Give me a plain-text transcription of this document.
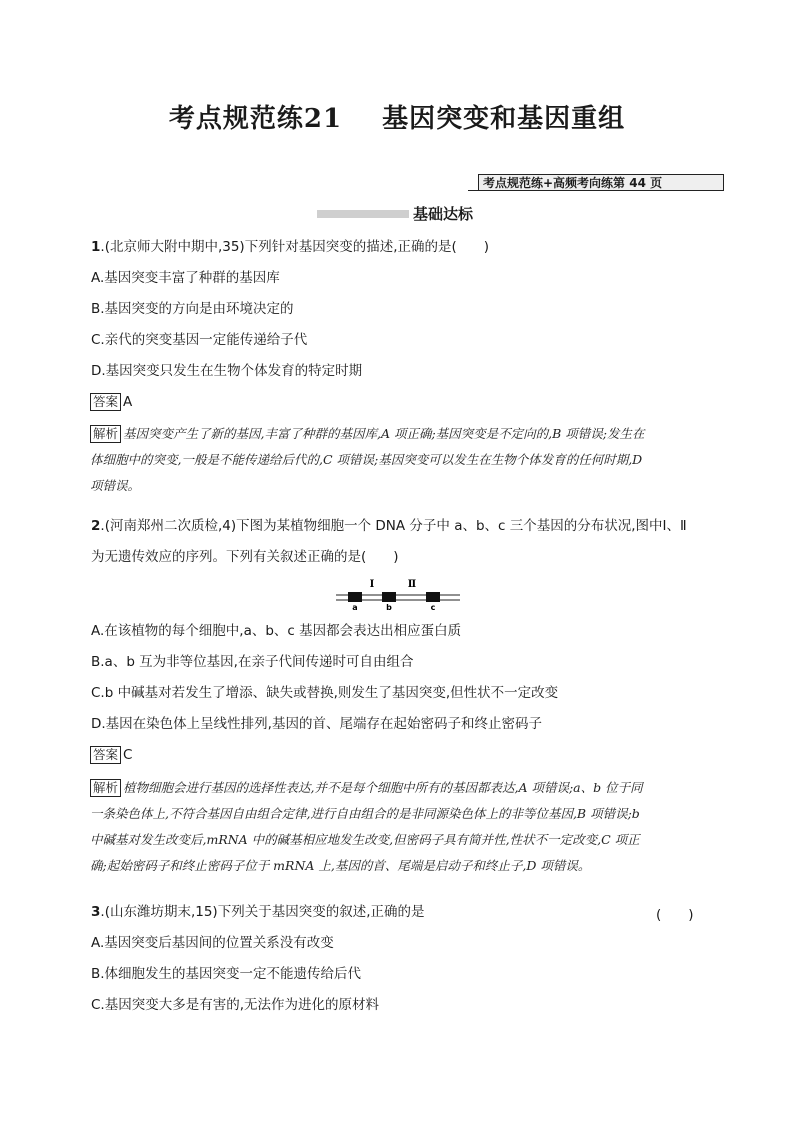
考点规范练21 基因突变和基因重组
考点规范练+高频考向练第 44 页
基础达标
1.(北京师大附中期中,35)下列针对基因突变的描述,正确的是(　　)
A.基因突变丰富了种群的基因库
B.基因突变的方向是由环境决定的
C.亲代的突变基因一定能传递给子代
D.基因突变只发生在生物个体发育的特定时期
答案 A
解析 基因突变产生了新的基因,丰富了种群的基因库,A 项正确;基因突变是不定向的,B 项错误;发生在
体细胞中的突变,一般是不能传递给后代的,C 项错误;基因突变可以发生在生物个体发育的任何时期,D
项错误。
2.(河南郑州二次质检,4)下图为某植物细胞一个 DNA 分子中 a、b、c 三个基因的分布状况,图中Ⅰ、Ⅱ
为无遗传效应的序列。下列有关叙述正确的是(　　)
Ⅰ	Ⅱ
a	b	c
A.在该植物的每个细胞中,a、b、c 基因都会表达出相应蛋白质
B.a、b 互为非等位基因,在亲子代间传递时可自由组合
C.b 中碱基对若发生了增添、缺失或替换,则发生了基因突变,但性状不一定改变
D.基因在染色体上呈线性排列,基因的首、尾端存在起始密码子和终止密码子
答案 C
解析 植物细胞会进行基因的选择性表达,并不是每个细胞中所有的基因都表达,A 项错误;a、b 位于同
一条染色体上,不符合基因自由组合定律,进行自由组合的是非同源染色体上的非等位基因,B 项错误;b
中碱基对发生改变后,mRNA 中的碱基相应地发生改变,但密码子具有简并性,性状不一定改变,C 项正
确;起始密码子和终止密码子位于 mRNA 上,基因的首、尾端是启动子和终止子,D 项错误。
3.(山东潍坊期末,15)下列关于基因突变的叙述,正确的是	(　　)
A.基因突变后基因间的位置关系没有改变
B.体细胞发生的基因突变一定不能遗传给后代
C.基因突变大多是有害的,无法作为进化的原材料
